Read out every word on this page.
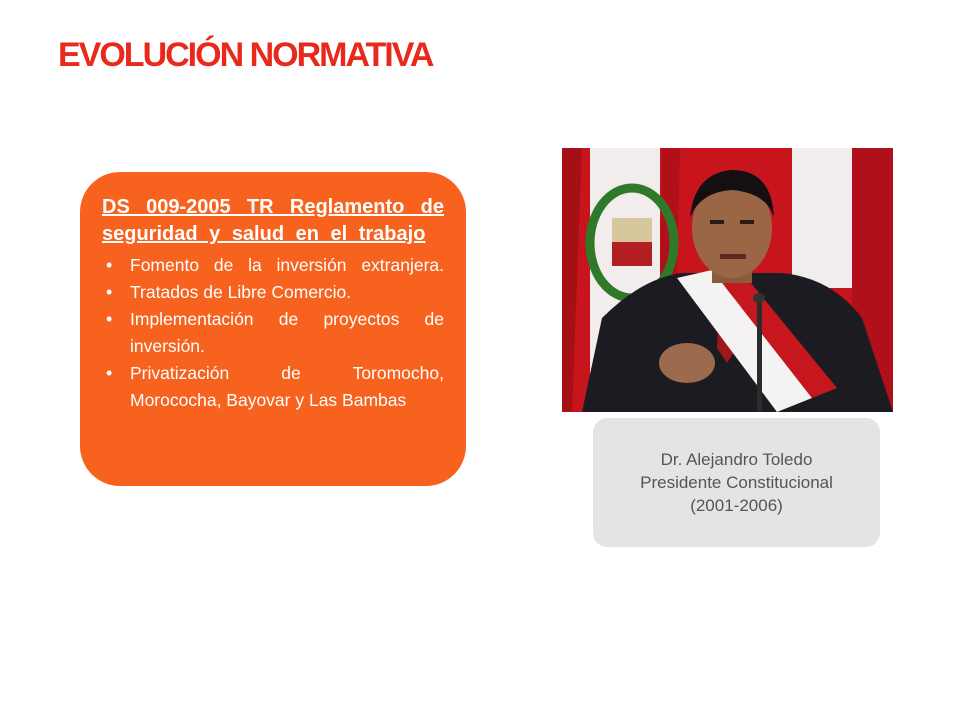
EVOLUCIÓN NORMATIVA

DS 009-2005 TR Reglamento de

seguridad y salud en el trabajo

• Fomento de la inversión extranjera.
• Tratados de Libre Comercio.
• Implementación de proyectos de inversión.
• Privatización de Toromocho, Morococha, Bayovar y Las Bambas

Dr. Alejandro Toledo Presidente Constitucional (2001-2006)
